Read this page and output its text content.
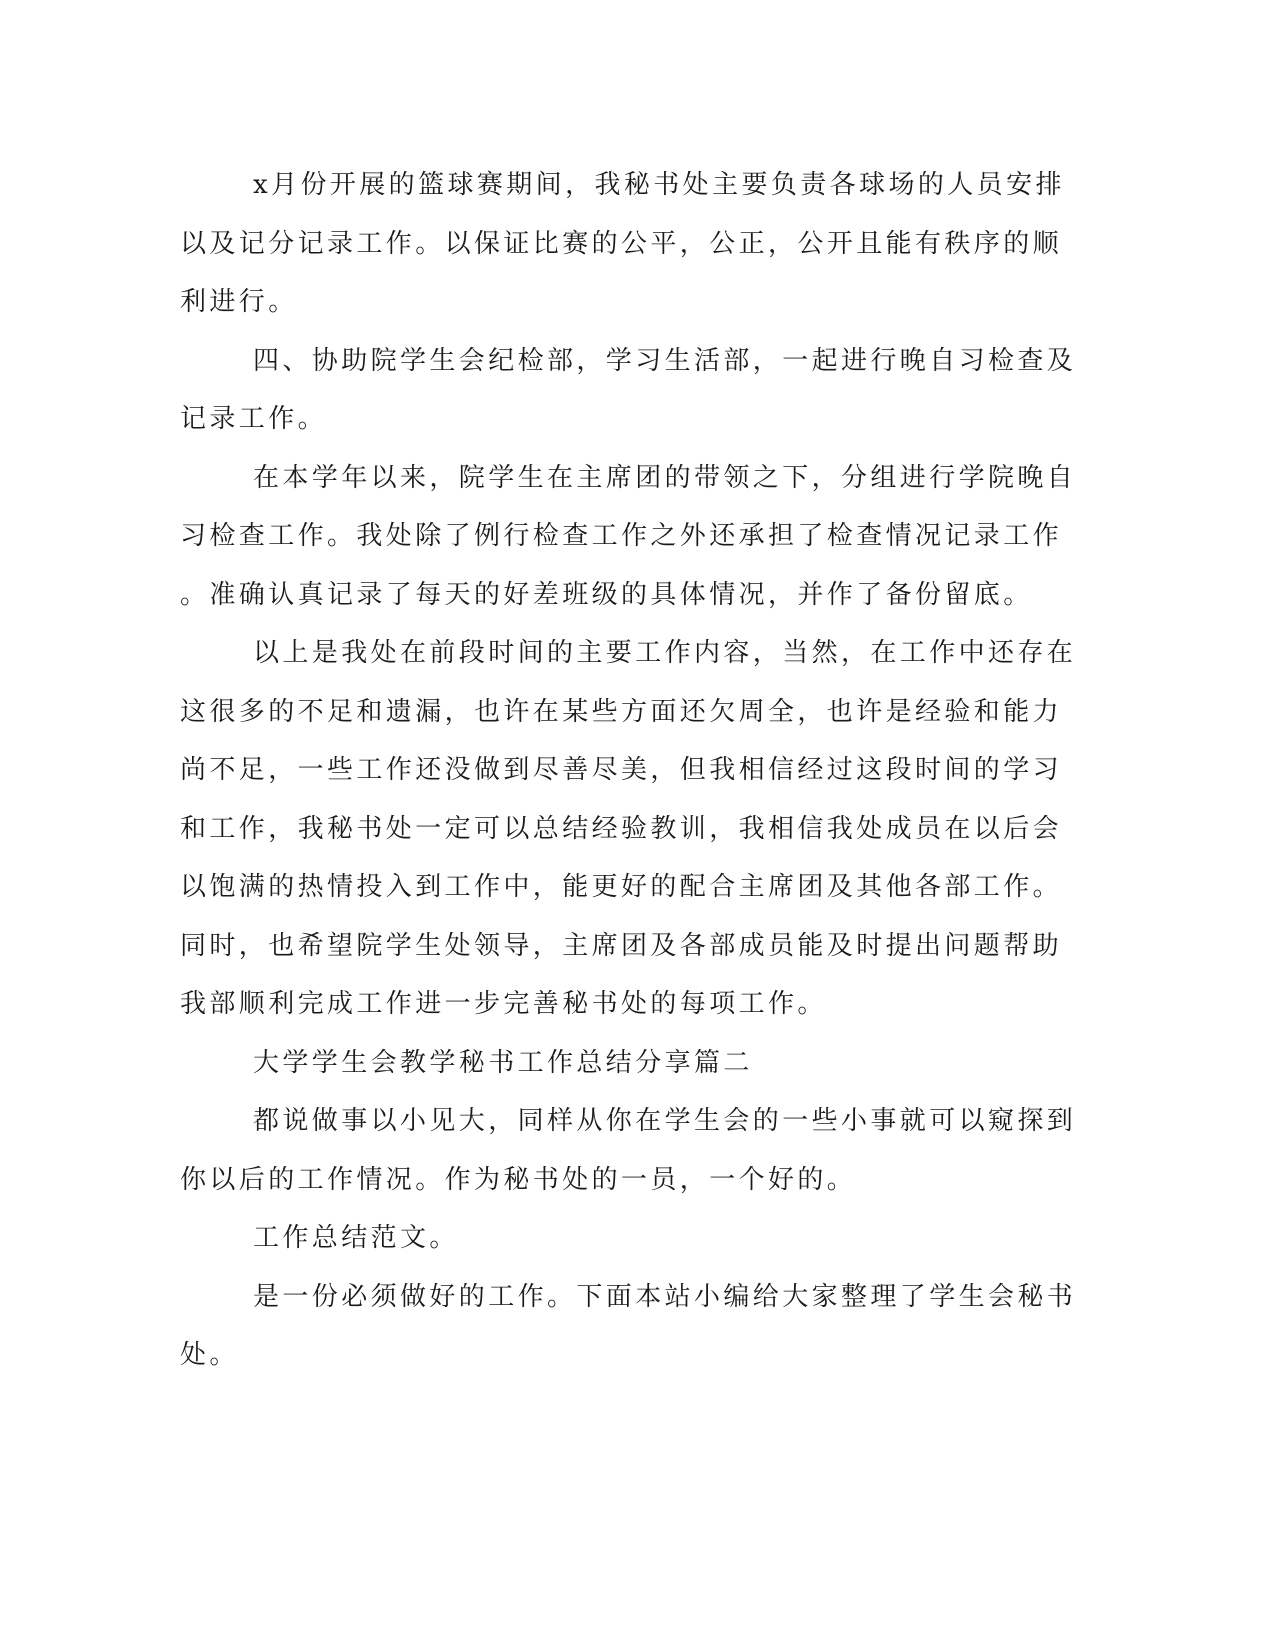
x月份开展的篮球赛期间，我秘书处主要负责各球场的人员安排
以及记分记录工作。以保证比赛的公平，公正，公开且能有秩序的顺
利进行。
四、协助院学生会纪检部，学习生活部，一起进行晚自习检查及
记录工作。
在本学年以来，院学生在主席团的带领之下，分组进行学院晚自
习检查工作。我处除了例行检查工作之外还承担了检查情况记录工作
。准确认真记录了每天的好差班级的具体情况，并作了备份留底。
以上是我处在前段时间的主要工作内容，当然，在工作中还存在
这很多的不足和遗漏，也许在某些方面还欠周全，也许是经验和能力
尚不足，一些工作还没做到尽善尽美，但我相信经过这段时间的学习
和工作，我秘书处一定可以总结经验教训，我相信我处成员在以后会
以饱满的热情投入到工作中，能更好的配合主席团及其他各部工作。
同时，也希望院学生处领导，主席团及各部成员能及时提出问题帮助
我部顺利完成工作进一步完善秘书处的每项工作。
大学学生会教学秘书工作总结分享篇二
都说做事以小见大，同样从你在学生会的一些小事就可以窥探到
你以后的工作情况。作为秘书处的一员，一个好的。
工作总结范文。
是一份必须做好的工作。下面本站小编给大家整理了学生会秘书
处。
